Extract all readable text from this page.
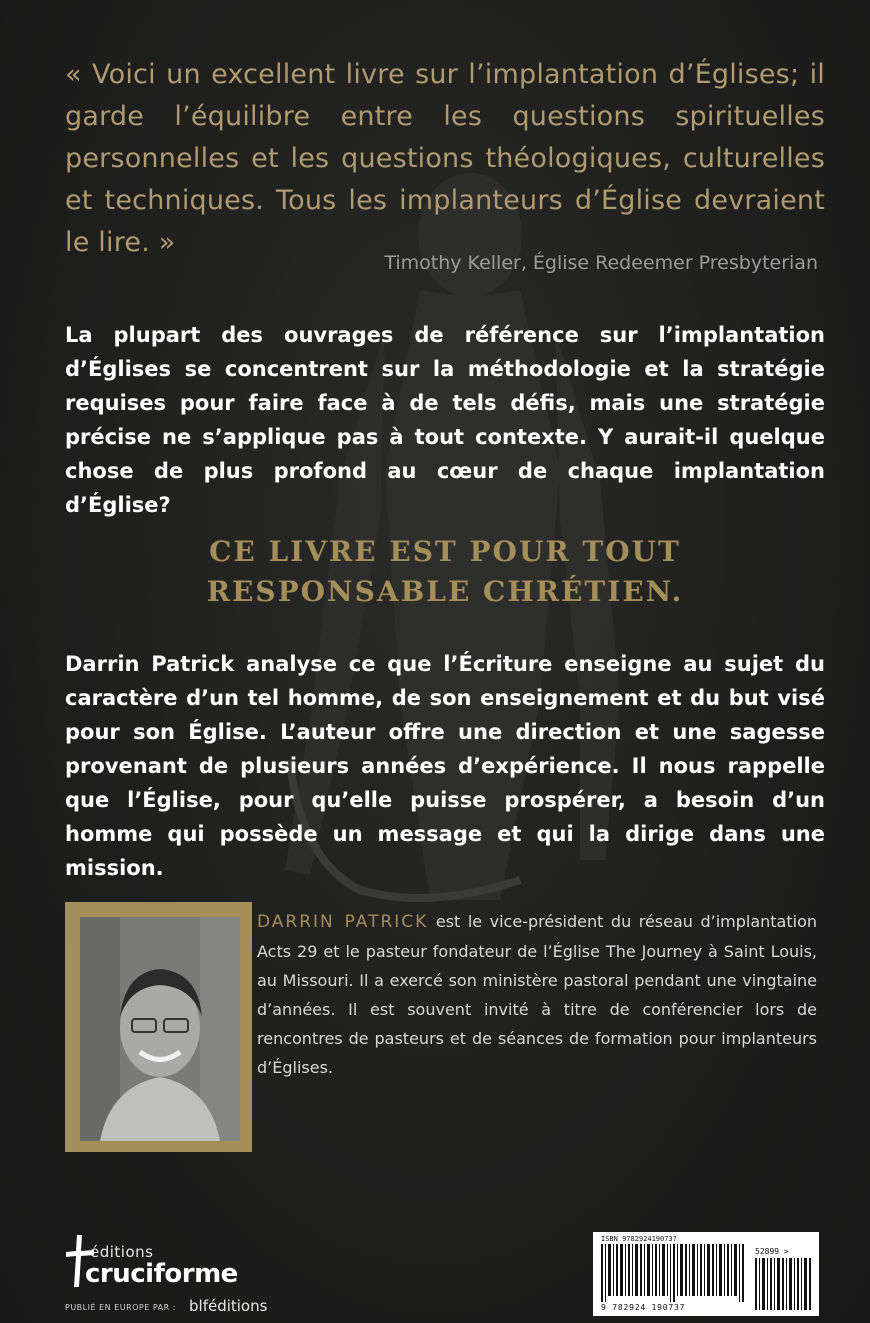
« Voici un excellent livre sur l’implantation d’Églises; il garde l’équilibre entre les questions spirituelles personnelles et les questions théologiques, culturelles et techniques. Tous les implanteurs d’Église devraient le lire. »

Timothy Keller, Église Redeemer Presbyterian

La plupart des ouvrages de référence sur l’implantation d’Églises se concentrent sur la méthodologie et la stratégie requises pour faire face à de tels défis, mais une stratégie précise ne s’applique pas à tout contexte. Y aurait-il quelque chose de plus profond au cœur de chaque implantation d’Église?

CE LIVRE EST POUR TOUT
RESPONSABLE CHRÉTIEN.

Darrin Patrick analyse ce que l’Écriture enseigne au sujet du caractère d’un tel homme, de son enseignement et du but visé pour son Église. L’auteur offre une direction et une sagesse provenant de plusieurs années d’expérience. Il nous rappelle que l’Église, pour qu’elle puisse prospérer, a besoin d’un homme qui possède un message et qui la dirige dans une mission.

DARRIN PATRICK est le vice-président du réseau d’implantation Acts 29 et le pasteur fondateur de l’Église The Journey à Saint Louis, au Missouri. Il a exercé son ministère pastoral pendant une vingtaine d’années. Il est souvent invité à titre de conférencier lors de rencontres de pasteurs et de séances de formation pour implanteurs d’Églises.

éditions
cruciforme
PUBLIÉ EN EUROPE PAR : blféditions
ISBN 978292419073?
52899 >
9 782924 190737
